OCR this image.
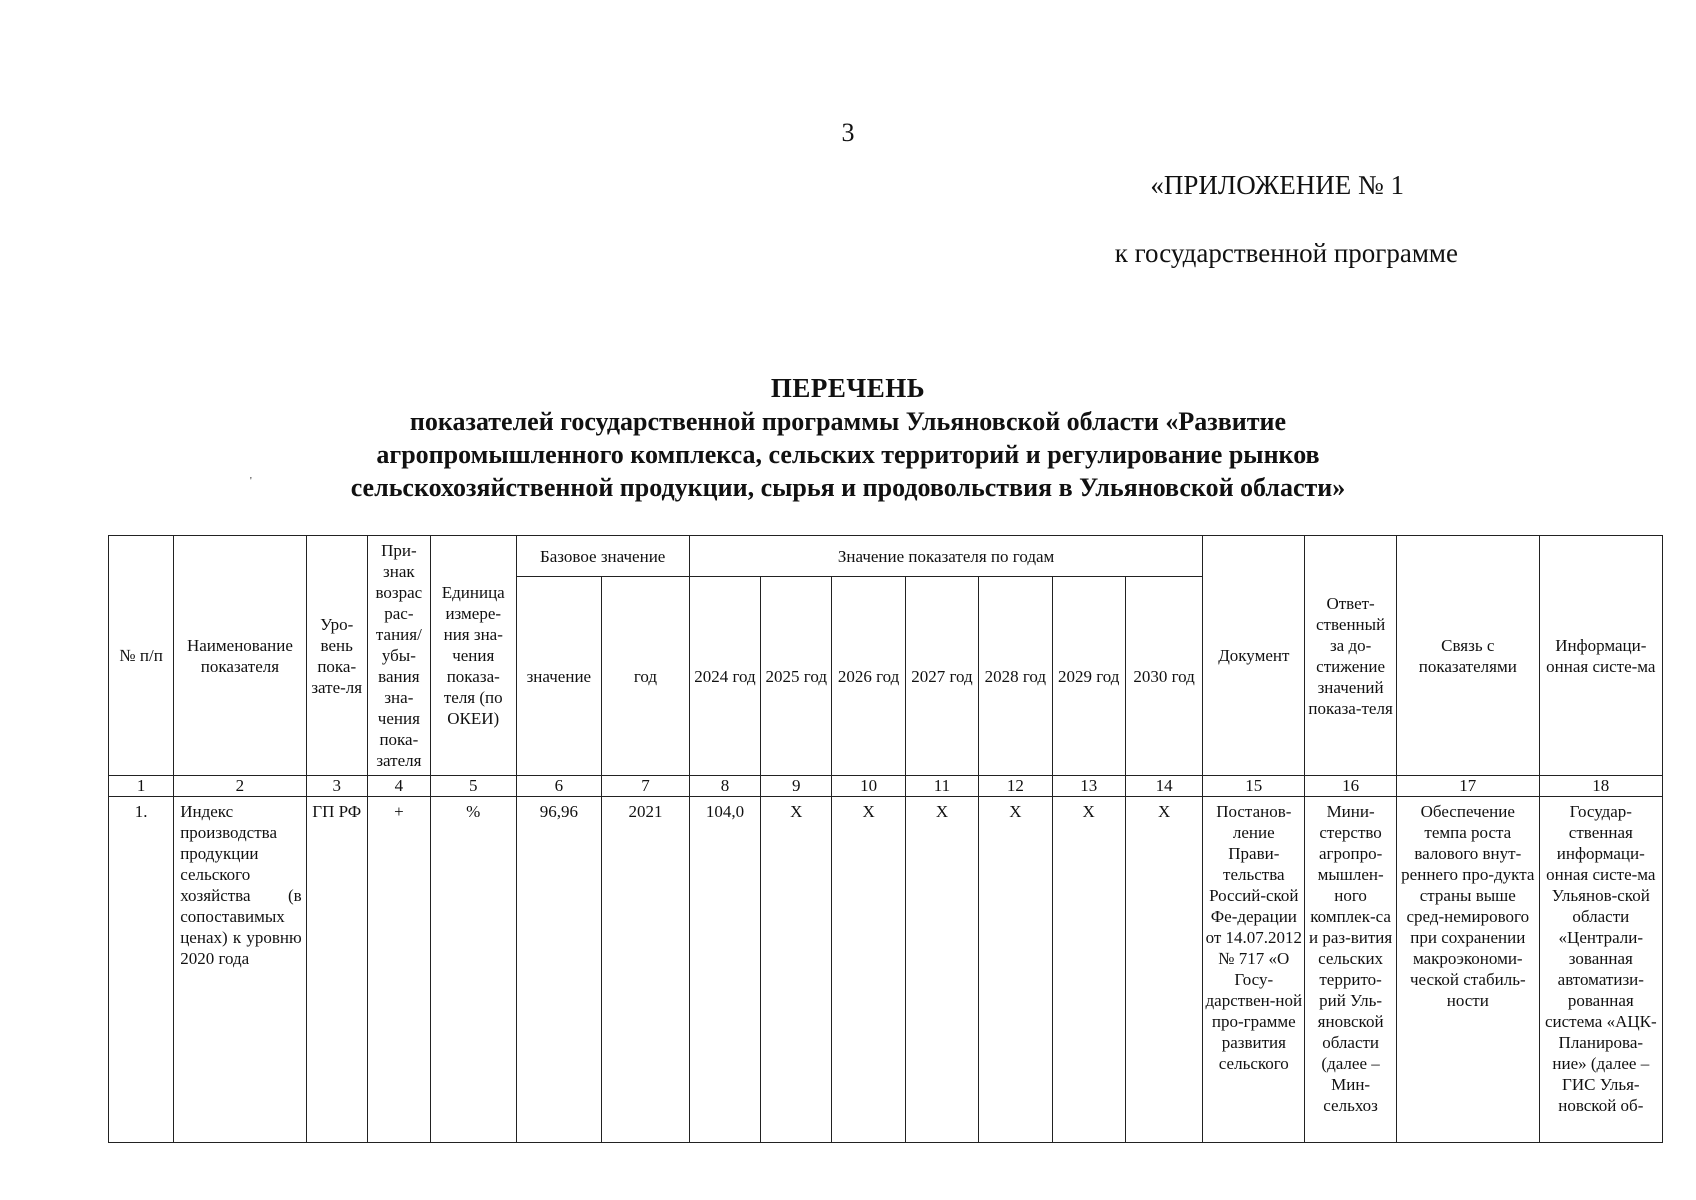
3
«ПРИЛОЖЕНИЕ № 1
к государственной программе
ПЕРЕЧЕНЬ
показателей государственной программы Ульяновской области «Развитие
агропромышленного комплекса, сельских территорий и регулирование рынков
сельскохозяйственной продукции, сырья и продовольствия в Ульяновской области»
'
№ п/п	Наименование показателя	Уро-вень пока-зате-ля	При-знак возрас рас-тания/ убы-вания зна-чения пока-зателя	Единица измере-ния зна-чения показа-теля (по ОКЕИ)	Базовое значение		Значение показателя по годам							Документ	Ответ-ственный за до-стижение значений показа-теля	Связь с показателями	Информаци-онная систе-ма
					значение	год	2024 год	2025 год	2026 год	2027 год	2028 год	2029 год	2030 год				
1	2	3	4	5	6	7	8	9	10	11	12	13	14	15	16	17	18
1.	Индекс производства продукции сельского хозяйства (в сопоставимых ценах) к уровню 2020 года	ГП РФ	+	%	96,96	2021	104,0	X	X	X	X	X	X	Постанов-ление Прави-тельства Россий-ской Фе-дерации от 14.07.2012 № 717 «О Госу-дарствен-ной про-грамме развития сельского	Мини-стерство агропро-мышлен-ного комплек-са и раз-вития сельских террито-рий Уль-яновской области (далее – Мин-сельхоз	Обеспечение темпа роста валового внут-реннего про-дукта страны выше сред-немирового при сохранении макроэкономи-ческой стабиль-ности	Государ-ственная информаци-онная систе-ма Ульянов-ской области «Централи-зованная автоматизи-рованная система «АЦК-Планирова-ние» (далее – ГИС Улья-новской об-
